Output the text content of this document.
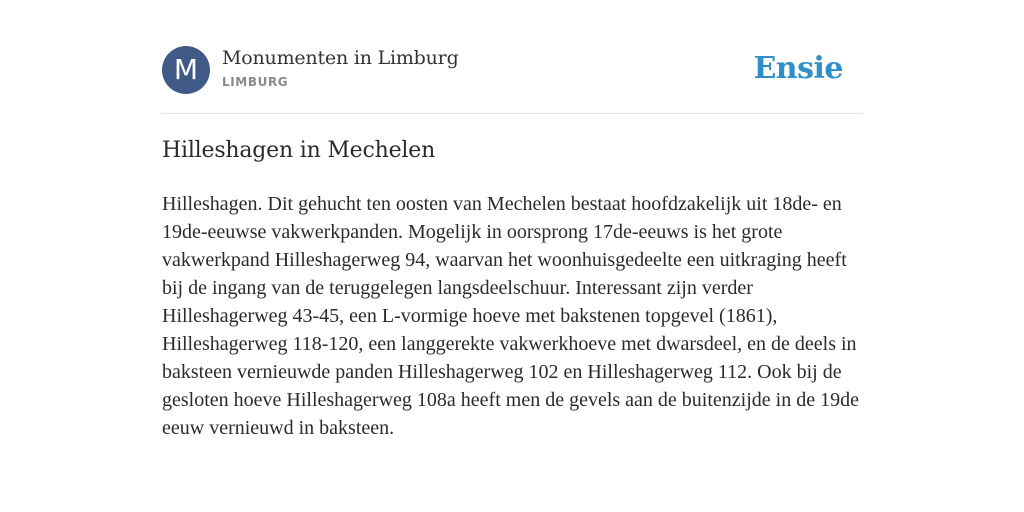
M	Monumenten in Limburg
LIMBURG	Ensie
Hilleshagen in Mechelen

Hilleshagen. Dit gehucht ten oosten van Mechelen bestaat hoofdzakelijk uit 18de- en 19de-eeuwse vakwerkpanden. Mogelijk in oorsprong 17de-eeuws is het grote vakwerkpand Hilleshagerweg 94, waarvan het woonhuisgedeelte een uitkraging heeft bij de ingang van de teruggelegen langsdeelschuur. Interessant zijn verder Hilleshagerweg 43-45, een L-vormige hoeve met bakstenen topgevel (1861), Hilleshagerweg 118-120, een langgerekte vakwerkhoeve met dwarsdeel, en de deels in baksteen vernieuwde panden Hilleshagerweg 102 en Hilleshagerweg 112. Ook bij de gesloten hoeve Hilleshagerweg 108a heeft men de gevels aan de buitenzijde in de 19de eeuw vernieuwd in baksteen.
